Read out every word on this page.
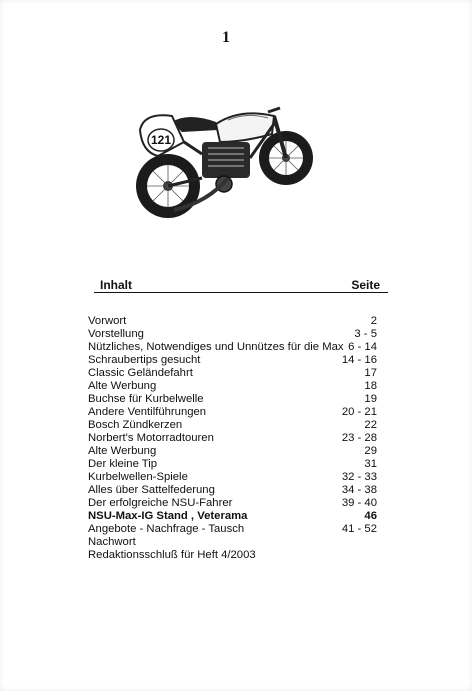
1
121
Inhalt	Seite
Vorwort	2
Vorstellung	3 - 5
Nützliches, Notwendiges und Unnützes für die Max 6 - 14
Schraubertips gesucht	14 - 16
Classic Geländefahrt	17
Alte Werbung	18
Buchse für Kurbelwelle	19
Andere Ventilführungen	20 - 21
Bosch Zündkerzen	22
Norbert's Motorradtouren	23 - 28
Alte Werbung	29
Der kleine Tip	31
Kurbelwellen-Spiele	32 - 33
Alles über Sattelfederung	34 - 38
Der erfolgreiche NSU-Fahrer	39 - 40
NSU-Max-IG Stand , Veterama	46
Angebote - Nachfrage - Tausch	41 - 52
Nachwort
Redaktionsschluß für Heft 4/2003
